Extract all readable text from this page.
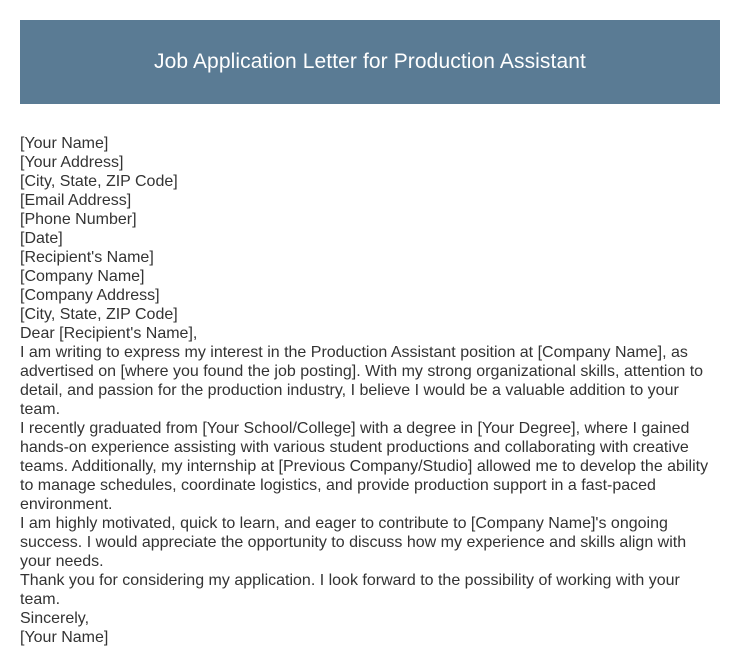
Job Application Letter for Production Assistant
[Your Name]
[Your Address]
[City, State, ZIP Code]
[Email Address]
[Phone Number]
[Date]
[Recipient's Name]
[Company Name]
[Company Address]
[City, State, ZIP Code]
Dear [Recipient's Name],

I am writing to express my interest in the Production Assistant position at [Company Name], as advertised on [where you found the job posting]. With my strong organizational skills, attention to detail, and passion for the production industry, I believe I would be a valuable addition to your team.

I recently graduated from [Your School/College] with a degree in [Your Degree], where I gained hands-on experience assisting with various student productions and collaborating with creative teams. Additionally, my internship at [Previous Company/Studio] allowed me to develop the ability to manage schedules, coordinate logistics, and provide production support in a fast-paced environment.

I am highly motivated, quick to learn, and eager to contribute to [Company Name]'s ongoing success. I would appreciate the opportunity to discuss how my experience and skills align with your needs.

Thank you for considering my application. I look forward to the possibility of working with your team.

Sincerely,
[Your Name]
